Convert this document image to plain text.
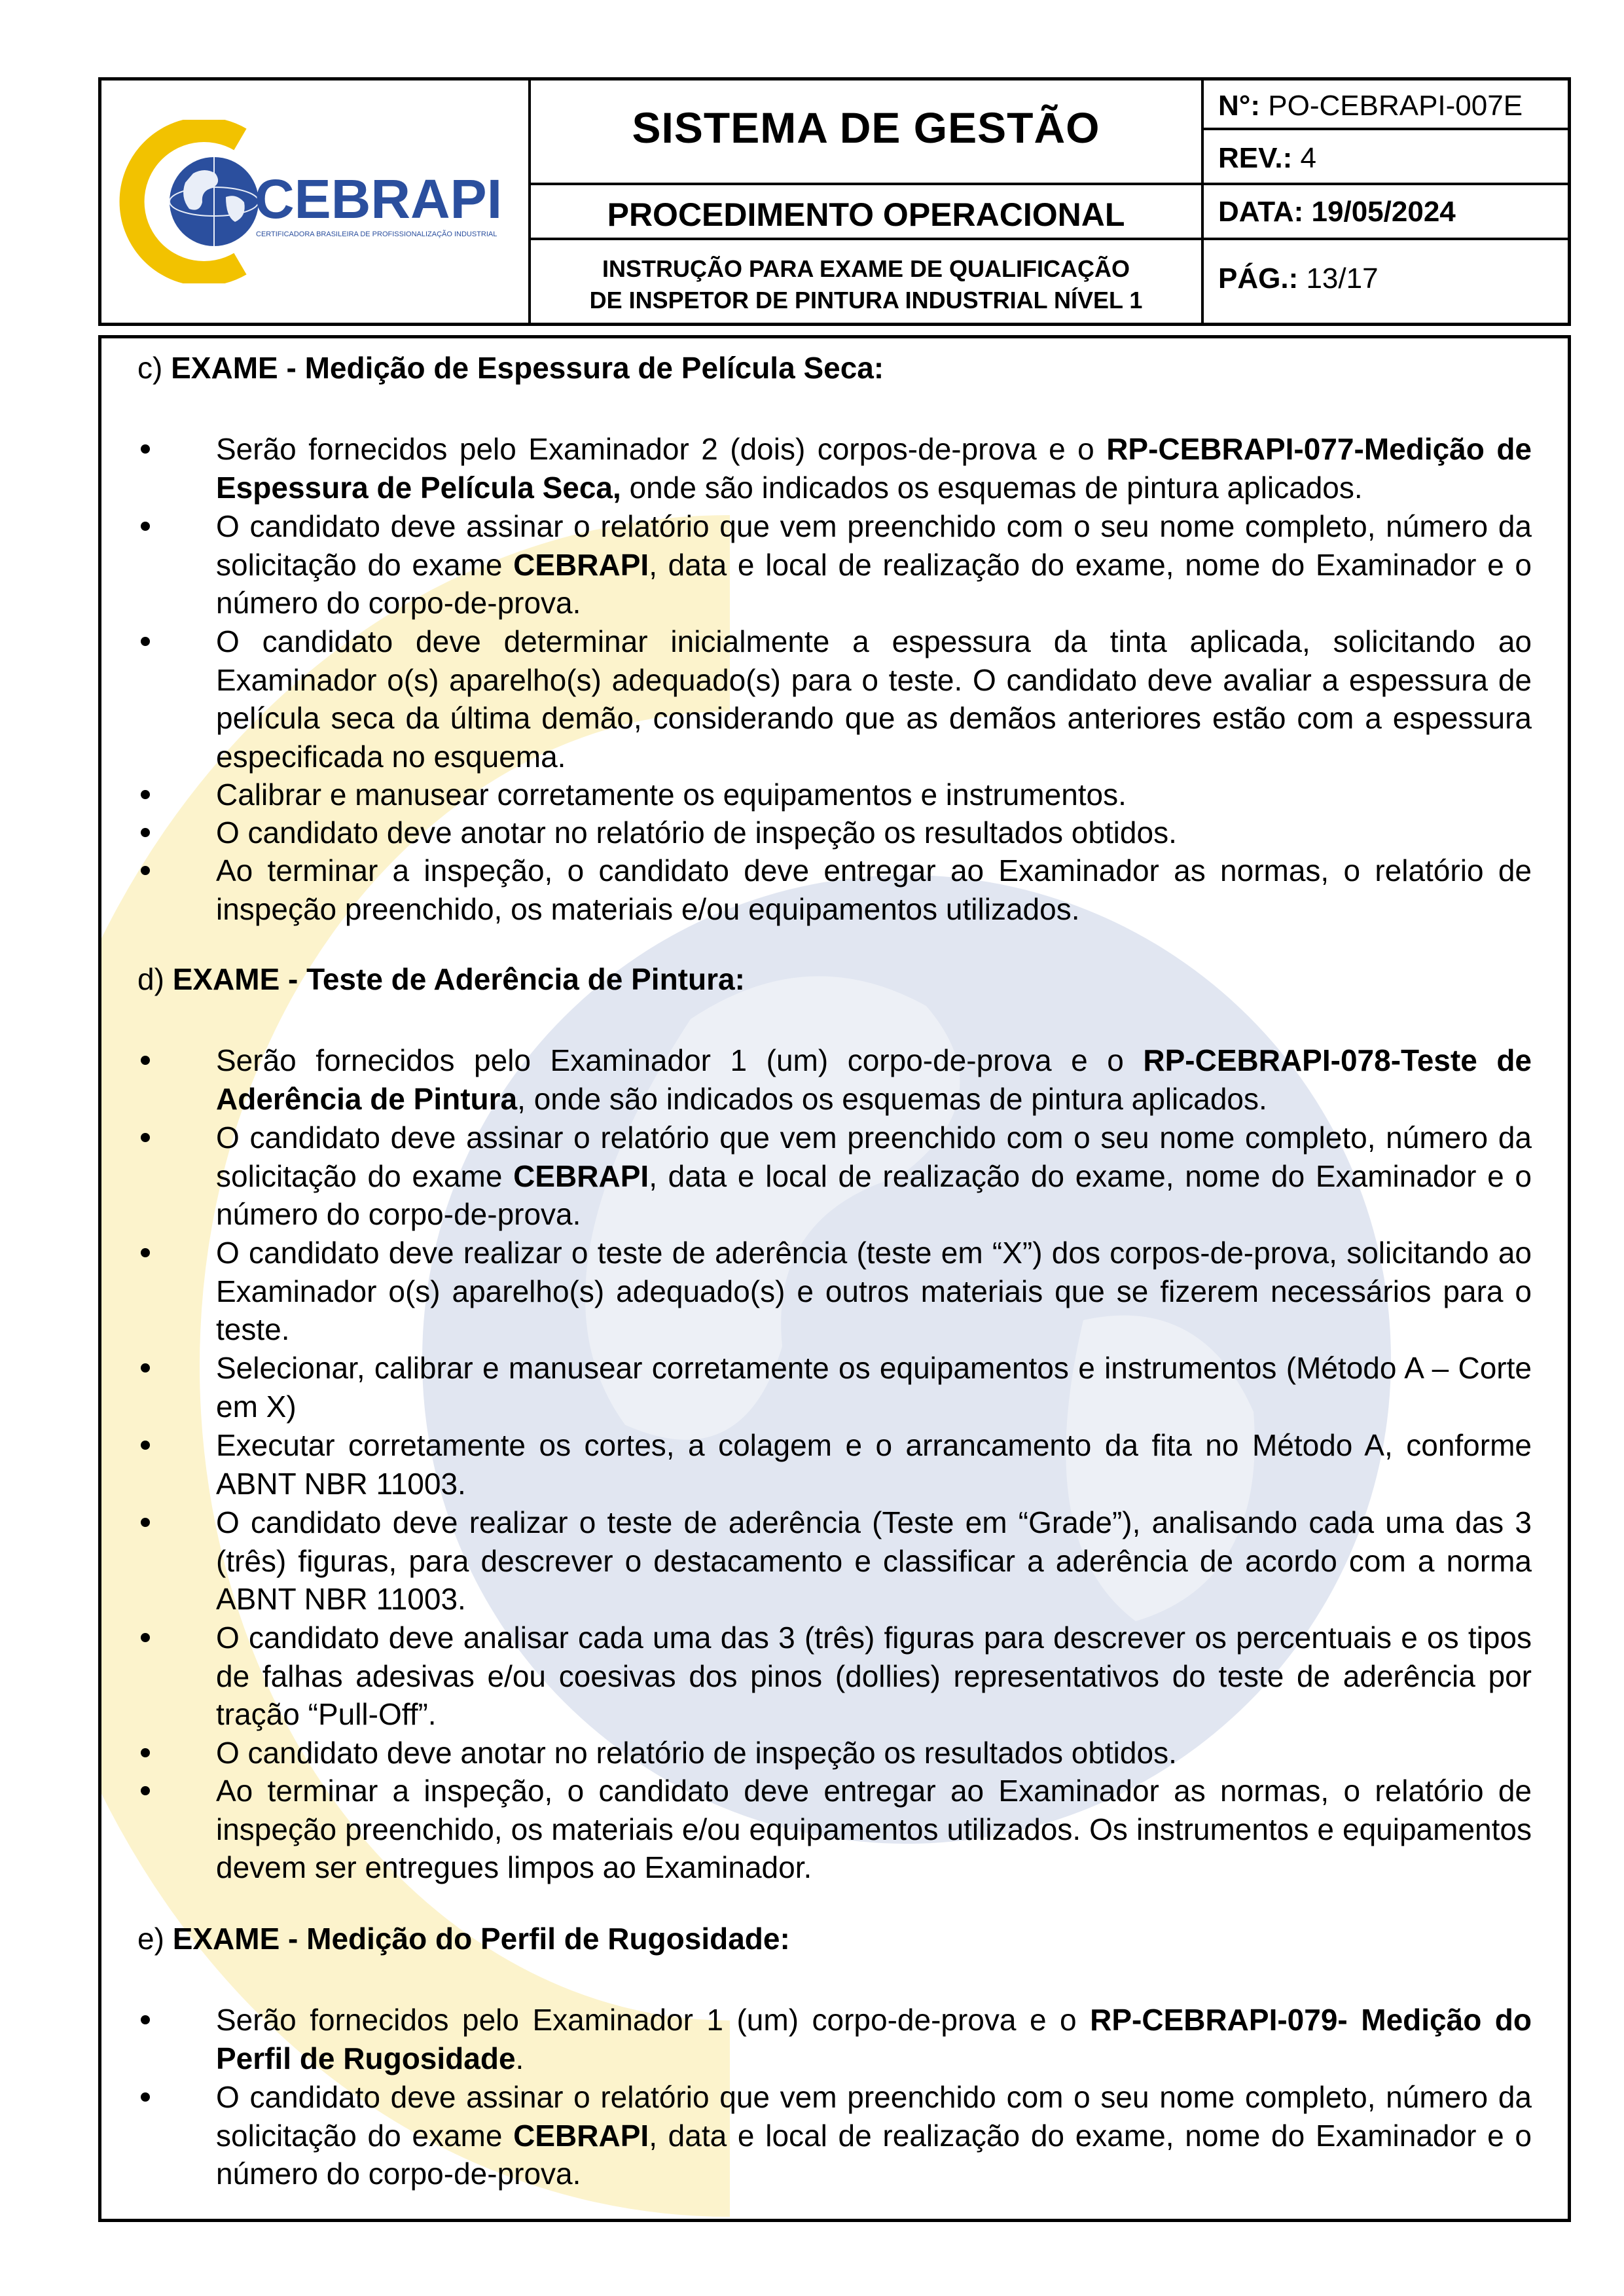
CEBRAPI
CERTIFICADORA BRASILEIRA DE PROFISSIONALIZAÇÃO INDUSTRIAL
SISTEMA DE GESTÃO
PROCEDIMENTO OPERACIONAL
INSTRUÇÃO PARA EXAME DE QUALIFICAÇÃO
DE INSPETOR DE PINTURA INDUSTRIAL NÍVEL 1
N°: PO-CEBRAPI-007E
REV.: 4
DATA: 19/05/2024
PÁG.: 13/17
c) EXAME - Medição de Espessura de Película Seca:
Serão fornecidos pelo Examinador 2 (dois) corpos-de-prova e o RP-CEBRAPI-077-Medição de Espessura de Película Seca, onde são indicados os esquemas de pintura aplicados.
O candidato deve assinar o relatório que vem preenchido com o seu nome completo, número da solicitação do exame CEBRAPI, data e local de realização do exame, nome do Examinador e o número do corpo-de-prova.
O candidato deve determinar inicialmente a espessura da tinta aplicada, solicitando ao Examinador o(s) aparelho(s) adequado(s) para o teste. O candidato deve avaliar a espessura de película seca da última demão, considerando que as demãos anteriores estão com a espessura especificada no esquema.
Calibrar e manusear corretamente os equipamentos e instrumentos.
O candidato deve anotar no relatório de inspeção os resultados obtidos.
Ao terminar a inspeção, o candidato deve entregar ao Examinador as normas, o relatório de inspeção preenchido, os materiais e/ou equipamentos utilizados.
d) EXAME - Teste de Aderência de Pintura:
Serão fornecidos pelo Examinador 1 (um) corpo-de-prova e o RP-CEBRAPI-078-Teste de Aderência de Pintura, onde são indicados os esquemas de pintura aplicados.
O candidato deve assinar o relatório que vem preenchido com o seu nome completo, número da solicitação do exame CEBRAPI, data e local de realização do exame, nome do Examinador e o número do corpo-de-prova.
O candidato deve realizar o teste de aderência (teste em “X”) dos corpos-de-prova, solicitando ao Examinador o(s) aparelho(s) adequado(s) e outros materiais que se fizerem necessários para o teste.
Selecionar, calibrar e manusear corretamente os equipamentos e instrumentos (Método A – Corte em X)
Executar corretamente os cortes, a colagem e o arrancamento da fita no Método A, conforme ABNT NBR 11003.
O candidato deve realizar o teste de aderência (Teste em “Grade”), analisando cada uma das 3 (três) figuras, para descrever o destacamento e classificar a aderência de acordo com a norma ABNT NBR 11003.
O candidato deve analisar cada uma das 3 (três) figuras para descrever os percentuais e os tipos de falhas adesivas e/ou coesivas dos pinos (dollies) representativos do teste de aderência por tração “Pull-Off”.
O candidato deve anotar no relatório de inspeção os resultados obtidos.
Ao terminar a inspeção, o candidato deve entregar ao Examinador as normas, o relatório de inspeção preenchido, os materiais e/ou equipamentos utilizados. Os instrumentos e equipamentos devem ser entregues limpos ao Examinador.
e) EXAME - Medição do Perfil de Rugosidade:
Serão fornecidos pelo Examinador 1 (um) corpo-de-prova e o RP-CEBRAPI-079- Medição do Perfil de Rugosidade.
O candidato deve assinar o relatório que vem preenchido com o seu nome completo, número da solicitação do exame CEBRAPI, data e local de realização do exame, nome do Examinador e o número do corpo-de-prova.
